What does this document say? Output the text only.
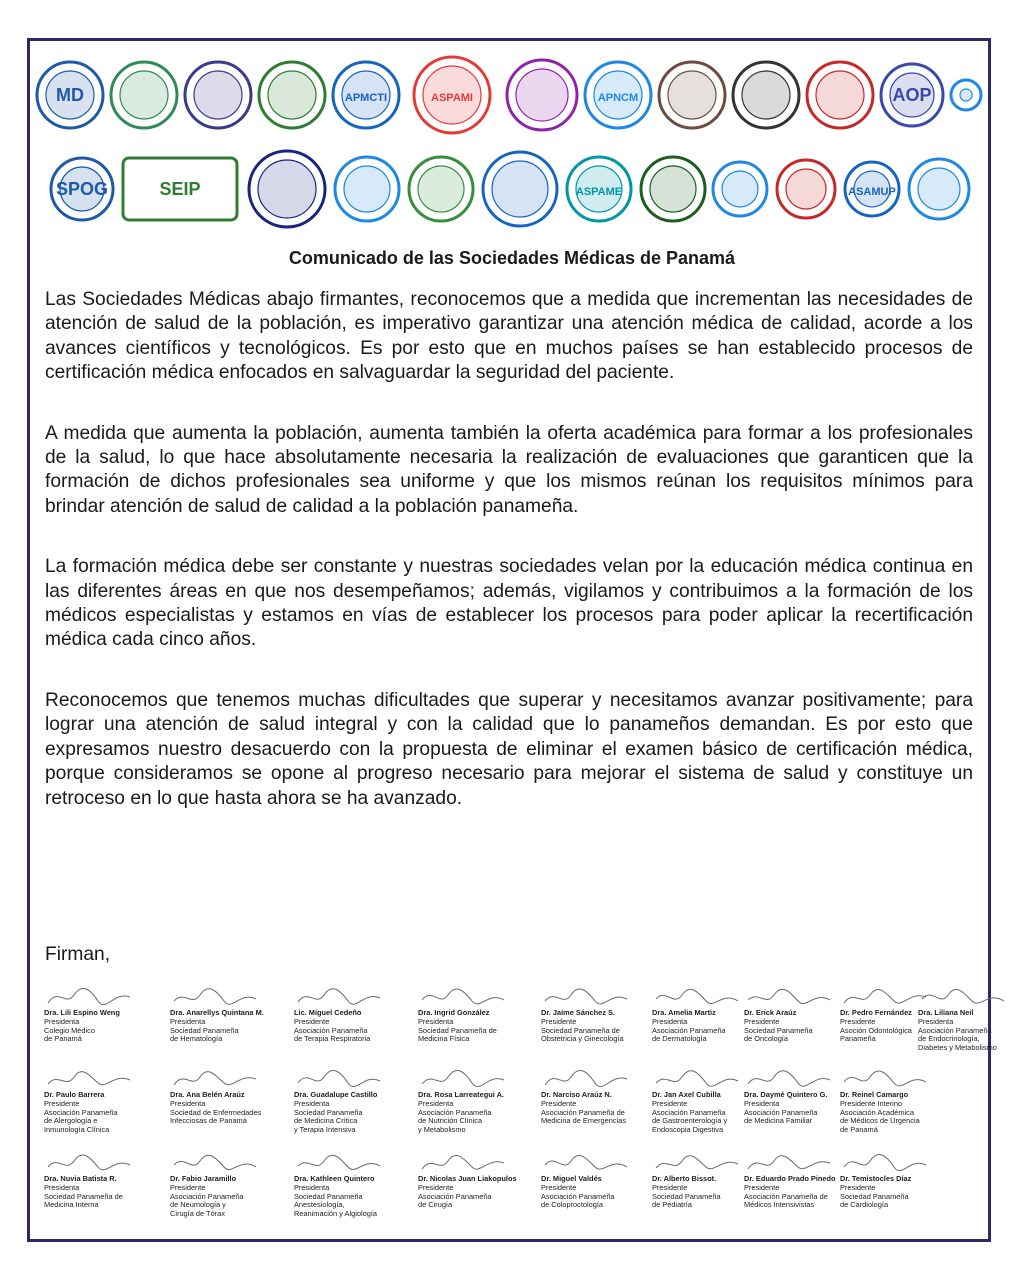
MD	APMCTI	ASPAMI	APNCM	AOP
SPOG	SEIP	ASPAME	ASAMUP
Comunicado de las Sociedades Médicas de Panamá

Las Sociedades Médicas abajo firmantes, reconocemos que a medida que incrementan las necesidades de atención de salud de la población, es imperativo garantizar una atención médica de calidad, acorde a los avances científicos y tecnológicos. Es por esto que en muchos países se han establecido procesos de certificación médica enfocados en salvaguardar la seguridad del paciente.

A medida que aumenta la población, aumenta también la oferta académica para formar a los profesionales de la salud, lo que hace absolutamente necesaria la realización de evaluaciones que garanticen que la formación de dichos profesionales sea uniforme y que los mismos reúnan los requisitos mínimos para brindar atención de salud de calidad a la población panameña.

La formación médica debe ser constante y nuestras sociedades velan por la educación médica continua en las diferentes áreas en que nos desempeñamos; además, vigilamos y contribuimos a la formación de los médicos especialistas y estamos en vías de establecer los procesos para poder aplicar la recertificación médica cada cinco años.

Reconocemos que tenemos muchas dificultades que superar y necesitamos avanzar positivamente; para lograr una atención de salud integral y con la calidad que lo panameños demandan. Es por esto que expresamos nuestro desacuerdo con la propuesta de eliminar el examen básico de certificación médica, porque consideramos se opone al progreso necesario para mejorar el sistema de salud y constituye un retroceso en lo que hasta ahora se ha avanzado.

Firman,
Dra. Lili Espino Weng
Presidenta
Colegio Médico
de Panamá
Dra. Anarellys Quintana M.
Presidenta
Sociedad Panameña
de Hematología
Lic. Miguel Cedeño
Presidente
Asociación Panameña
de Terapia Respiratoria
Dra. Ingrid González
Presidenta
Sociedad Panameña de
Medicina Física
Dr. Jaime Sánchez S.
Presidente
Sociedad Panameña de
Obstetricia y Ginecología
Dra. Amelia Martiz
Presidenta
Asociación Panameña
de Dermatología
Dr. Erick Araúz
Presidente
Sociedad Panameña
de Oncología
Dr. Pedro Fernández
Presidente
Asoción Odontológica
Panameña
Dra. Liliana Neil
Presidenta
Asociación Panameña
de Endocrinología,
Diabetes y Metabolismo
Dr. Paulo Barrera
Presidente
Asociación Panameña
de Alergología e
Inmunología Clínica
Dra. Ana Belén Araúz
Presidenta
Sociedad de Enfermedades
Infecciosas de Panamá
Dra. Guadalupe Castillo
Presidenta
Sociedad Panameña
de Medicina Crítica
y Terapia Intensiva
Dra. Rosa Larreategui A.
Presidenta
Asociación Panameña
de Nutrición Clínica
y Metabolismo
Dr. Narciso Araúz N.
Presidente
Asociación Panameña de
Medicina de Emergencias
Dr. Jan Axel Cubilla
Presidente
Asociación Panameña
de Gastroenterología y
Endoscopia Digestiva
Dra. Daymé Quintero G.
Presidenta
Asociación Panameña
de Medicina Familiar
Dr. Reinel Camargo
Presidente Interino
Asociación Académica
de Médicos de Urgencia
de Panamá
Dra. Nuvia Batista R.
Presidenta
Sociedad Panameña de
Medicina Interna
Dr. Fabio Jaramillo
Presidente
Asociación Panameña
de Neumología y
Cirugía de Tórax
Dra. Kathleen Quintero
Presidenta
Sociedad Panameña
Anestesiología,
Reanimación y Algiología
Dr. Nicolas Juan Liakopulos
Presidente
Asociación Panameña
de Cirugía
Dr. Miguel Valdés
Presidente
Asociación Panameña
de Coloproctología
Dr. Alberto Bissot.
Presidente
Sociedad Panameña
de Pediatría
Dr. Eduardo Prado Pinedo
Presidente
Asociación Panameña de
Médicos Intensivistas
Dr. Temistocles Díaz
Presidente
Sociedad Panameña
de Cardiología
